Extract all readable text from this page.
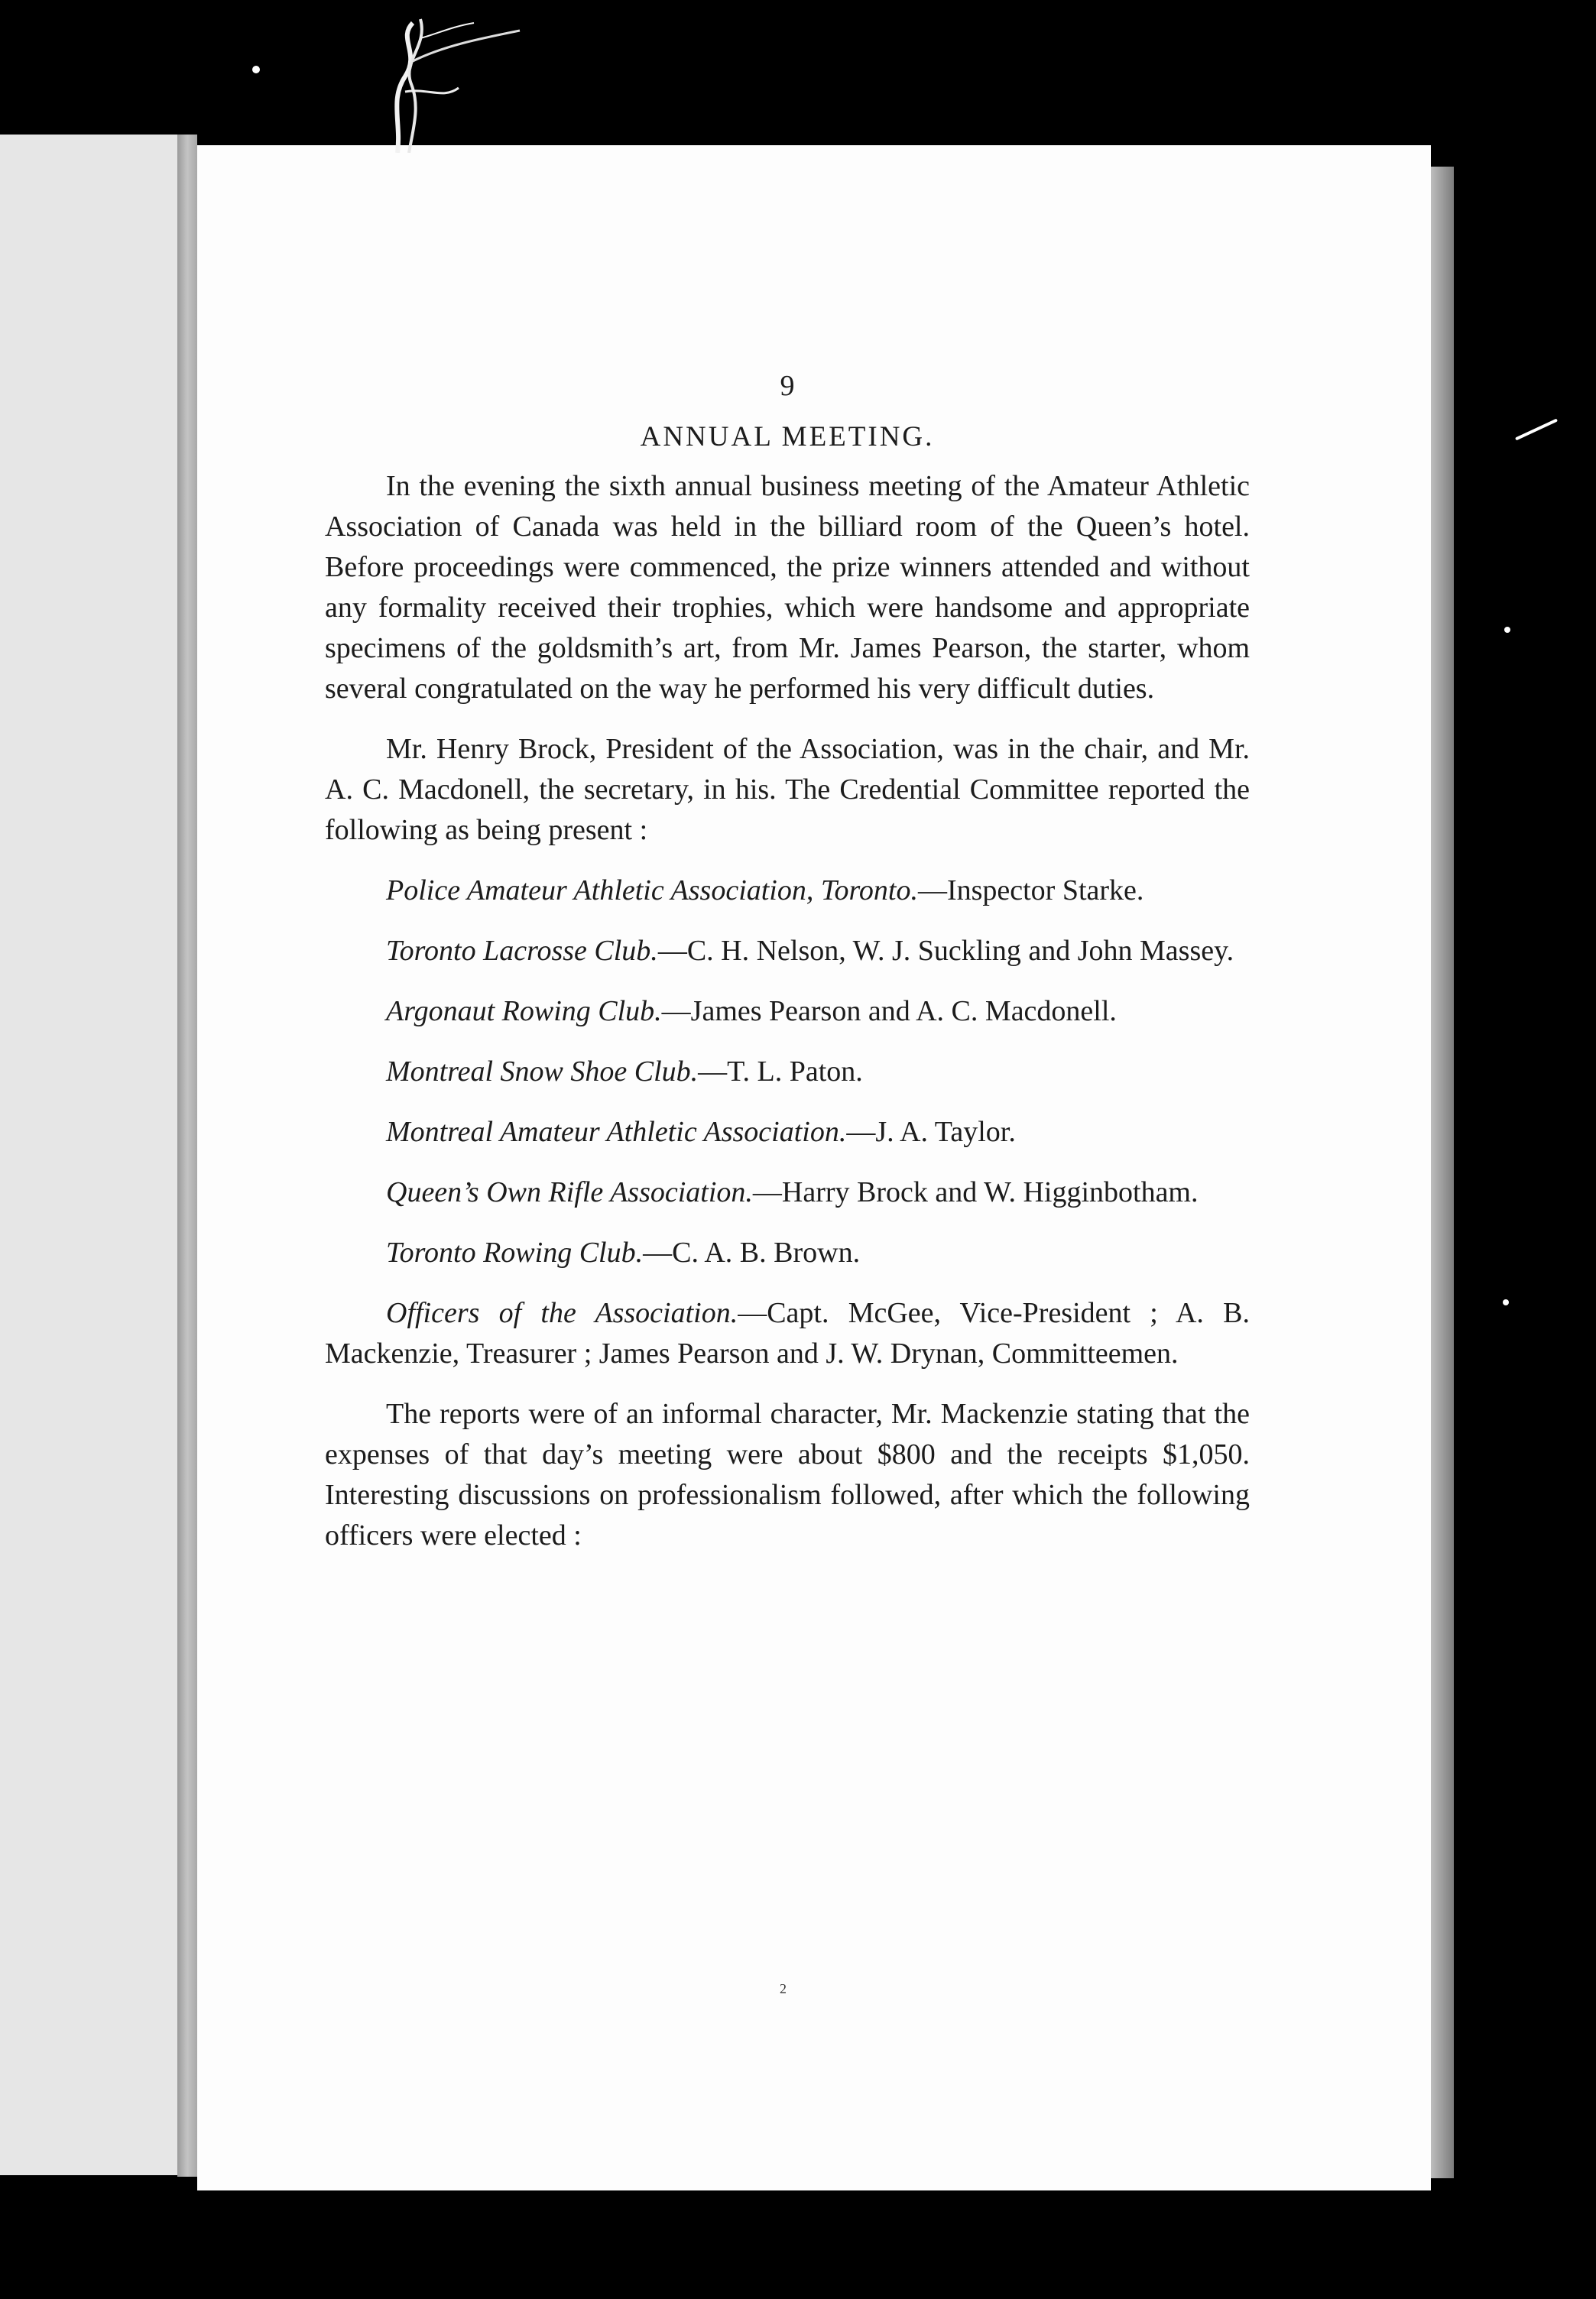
9
ANNUAL MEETING.

In the evening the sixth annual business meeting of the Amateur Athletic Association of Canada was held in the billiard room of the Queen’s hotel. Before proceedings were commenced, the prize winners attended and without any formality received their trophies, which were handsome and appropriate specimens of the goldsmith’s art, from Mr. James Pearson, the starter, whom several congratulated on the way he performed his very difficult duties.

Mr. Henry Brock, President of the Association, was in the chair, and Mr. A. C. Macdonell, the secretary, in his. The Credential Committee reported the following as being present :

Police Amateur Athletic Association, Toronto.—Inspector Starke.

Toronto Lacrosse Club.—C. H. Nelson, W. J. Suckling and John Massey.

Argonaut Rowing Club.—James Pearson and A. C. Macdonell.

Montreal Snow Shoe Club.—T. L. Paton.

Montreal Amateur Athletic Association.—J. A. Taylor.

Queen’s Own Rifle Association.—Harry Brock and W. Higginbotham.

Toronto Rowing Club.—C. A. B. Brown.

Officers of the Association.—Capt. McGee, Vice-President ; A. B. Mackenzie, Treasurer ; James Pearson and J. W. Drynan, Committeemen.

The reports were of an informal character, Mr. Mackenzie stating that the expenses of that day’s meeting were about $800 and the receipts $1,050. Interesting discussions on professionalism followed, after which the following officers were elected :

2
